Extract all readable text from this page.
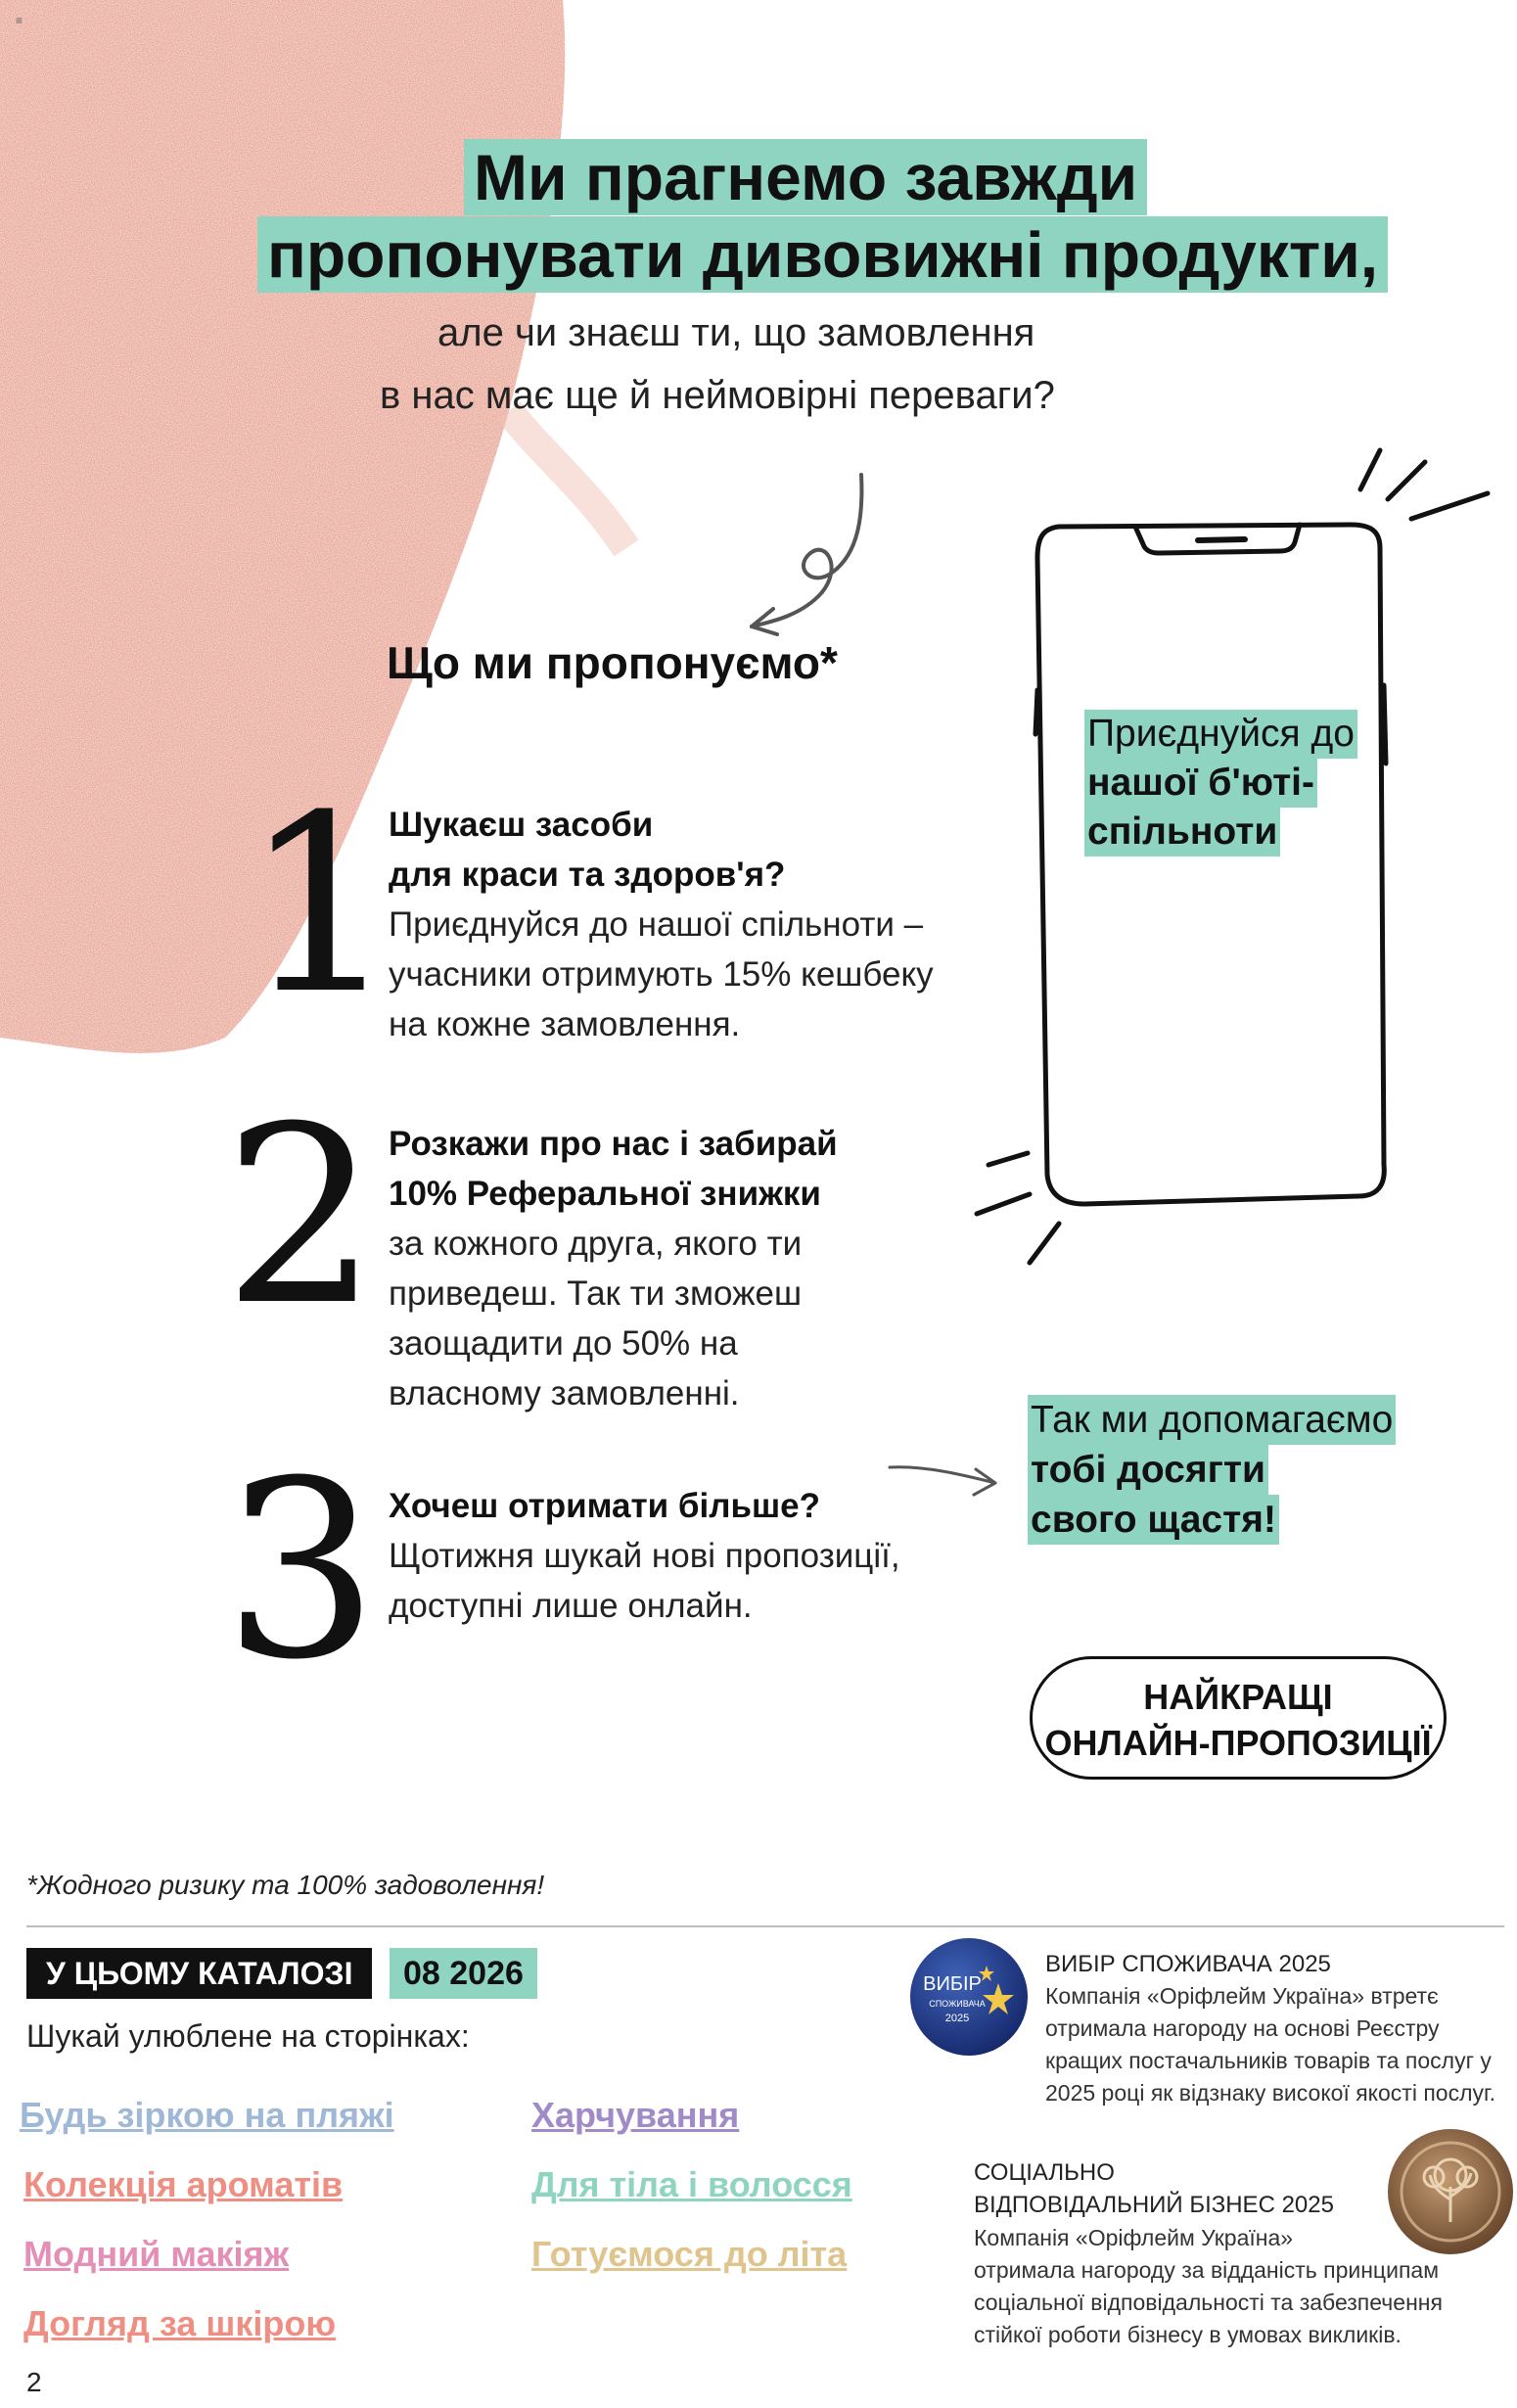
≡
Ми прагнемо завжди
пропонувати дивовижні продукти,
але чи знаєш ти, що замовлення
в нас має ще й неймовірні переваги?
Що ми пропонуємо*
1
Шукаєш засоби
для краси та здоров'я?
Приєднуйся до нашої спільноти –
учасники отримують 15% кешбеку
на кожне замовлення.
2 Розкажи про нас і забирай
10% Реферальної знижки
за кожного друга, якого ти
приведеш. Так ти зможеш
заощадити до 50% на
власному замовленні.
3 Хочеш отримати більше?
Щотижня шукай нові пропозиції,
доступні лише онлайн.
Приєднуйся до
нашої б'юті-
спільноти
Так ми допомагаємо
тобі досягти
свого щастя!
НАЙКРАЩІ
ОНЛАЙН-ПРОПОЗИЦІЇ
*Жодного ризику та 100% задоволення!
У ЦЬОМУ КАТАЛОЗІ	08 2026
Шукай улюблене на сторінках:
Будь зіркою на пляжі
Колекція ароматів
Модний макіяж
Догляд за шкірою
Харчування
Для тіла і волосся
Готуємося до літа
ВИБІР
СПОЖИВАЧА
2025
ВИБІР СПОЖИВАЧА 2025
Компанія «Оріфлейм Україна» втретє
отримала нагороду на основі Реєстру
кращих постачальників товарів та послуг у
2025 році як відзнаку високої якості послуг.
СОЦІАЛЬНО
ВІДПОВІДАЛЬНИЙ БІЗНЕС 2025
Компанія «Оріфлейм Україна»
отримала нагороду за відданість принципам
соціальної відповідальності та забезпечення
стійкої роботи бізнесу в умовах викликів.
2
